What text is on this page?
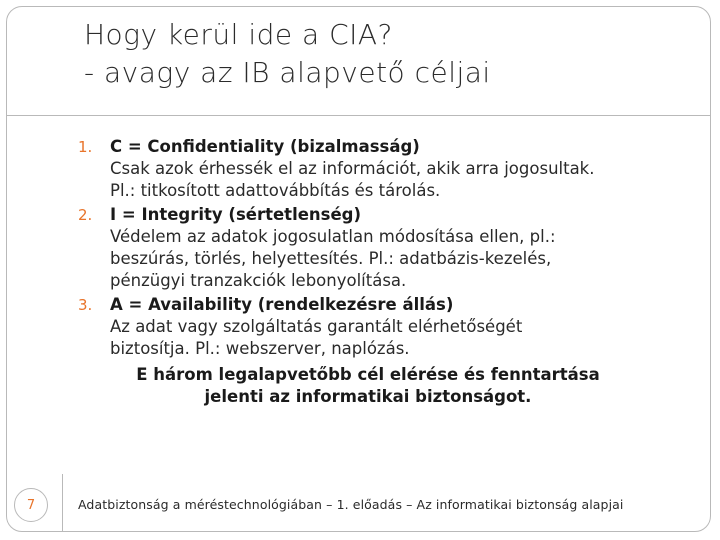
Hogy kerül ide a CIA?
- avagy az IB alapvető céljai
1.	C = Confidentiality (bizalmasság)
Csak azok érhessék el az információt, akik arra jogosultak.
Pl.: titkosított adattovábbítás és tárolás.
2.	I = Integrity (sértetlenség)
Védelem az adatok jogosulatlan módosítása ellen, pl.:
beszúrás, törlés, helyettesítés. Pl.: adatbázis-kezelés,
pénzügyi tranzakciók lebonyolítása.
3.	A = Availability (rendelkezésre állás)
Az adat vagy szolgáltatás garantált elérhetőségét
biztosítja. Pl.: webszerver, naplózás.
E három legalapvetőbb cél elérése és fenntartása
jelenti az informatikai biztonságot.
7	Adatbiztonság a méréstechnológiában – 1. előadás – Az informatikai biztonság alapjai
